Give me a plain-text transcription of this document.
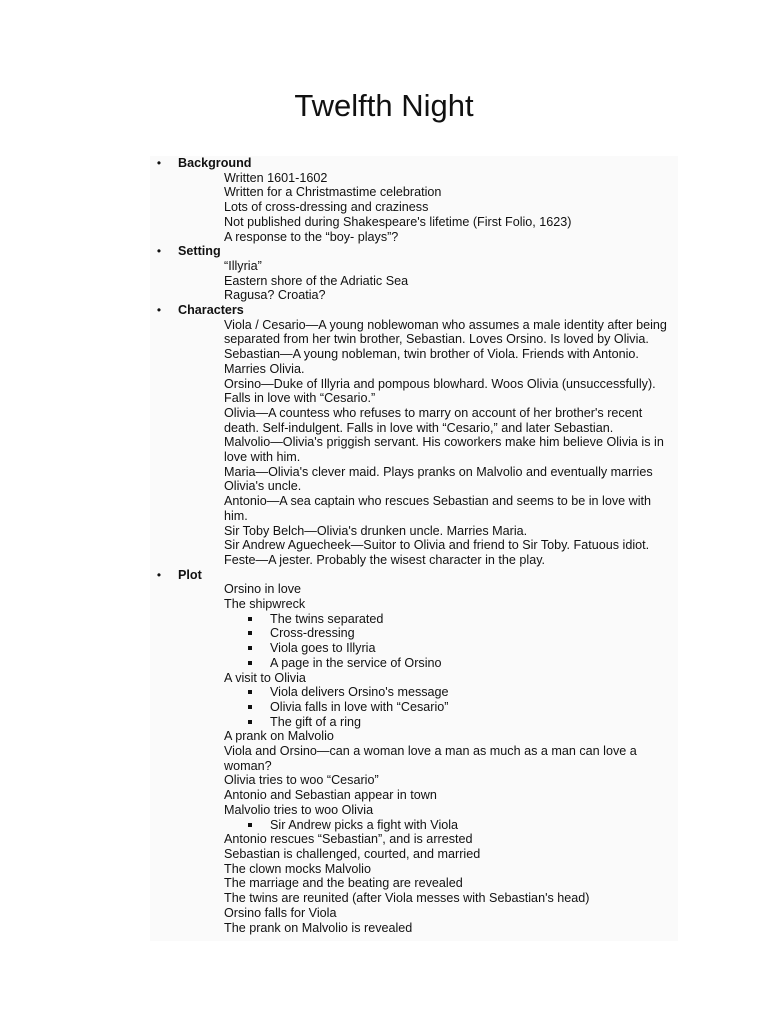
Twelfth Night
• Background
Written 1601-1602
Written for a Christmastime celebration
Lots of cross-dressing and craziness
Not published during Shakespeare's lifetime (First Folio, 1623)
A response to the “boy- plays”?
• Setting
“Illyria”
Eastern shore of the Adriatic Sea
Ragusa? Croatia?
• Characters
Viola / Cesario—A young noblewoman who assumes a male identity after being separated from her twin brother, Sebastian. Loves Orsino. Is loved by Olivia.
Sebastian—A young nobleman, twin brother of Viola. Friends with Antonio. Marries Olivia.
Orsino—Duke of Illyria and pompous blowhard. Woos Olivia (unsuccessfully). Falls in love with “Cesario.”
Olivia—A countess who refuses to marry on account of her brother's recent death. Self-indulgent. Falls in love with “Cesario,” and later Sebastian.
Malvolio—Olivia's priggish servant. His coworkers make him believe Olivia is in love with him.
Maria—Olivia's clever maid. Plays pranks on Malvolio and eventually marries Olivia's uncle.
Antonio—A sea captain who rescues Sebastian and seems to be in love with him.
Sir Toby Belch—Olivia's drunken uncle. Marries Maria.
Sir Andrew Aguecheek—Suitor to Olivia and friend to Sir Toby. Fatuous idiot.
Feste—A jester. Probably the wisest character in the play.
• Plot
Orsino in love
The shipwreck
The twins separated
Cross-dressing
Viola goes to Illyria
A page in the service of Orsino
A visit to Olivia
Viola delivers Orsino's message
Olivia falls in love with “Cesario”
The gift of a ring
A prank on Malvolio
Viola and Orsino—can a woman love a man as much as a man can love a woman?
Olivia tries to woo “Cesario”
Antonio and Sebastian appear in town
Malvolio tries to woo Olivia
Sir Andrew picks a fight with Viola
Antonio rescues “Sebastian”, and is arrested
Sebastian is challenged, courted, and married
The clown mocks Malvolio
The marriage and the beating are revealed
The twins are reunited (after Viola messes with Sebastian's head)
Orsino falls for Viola
The prank on Malvolio is revealed
